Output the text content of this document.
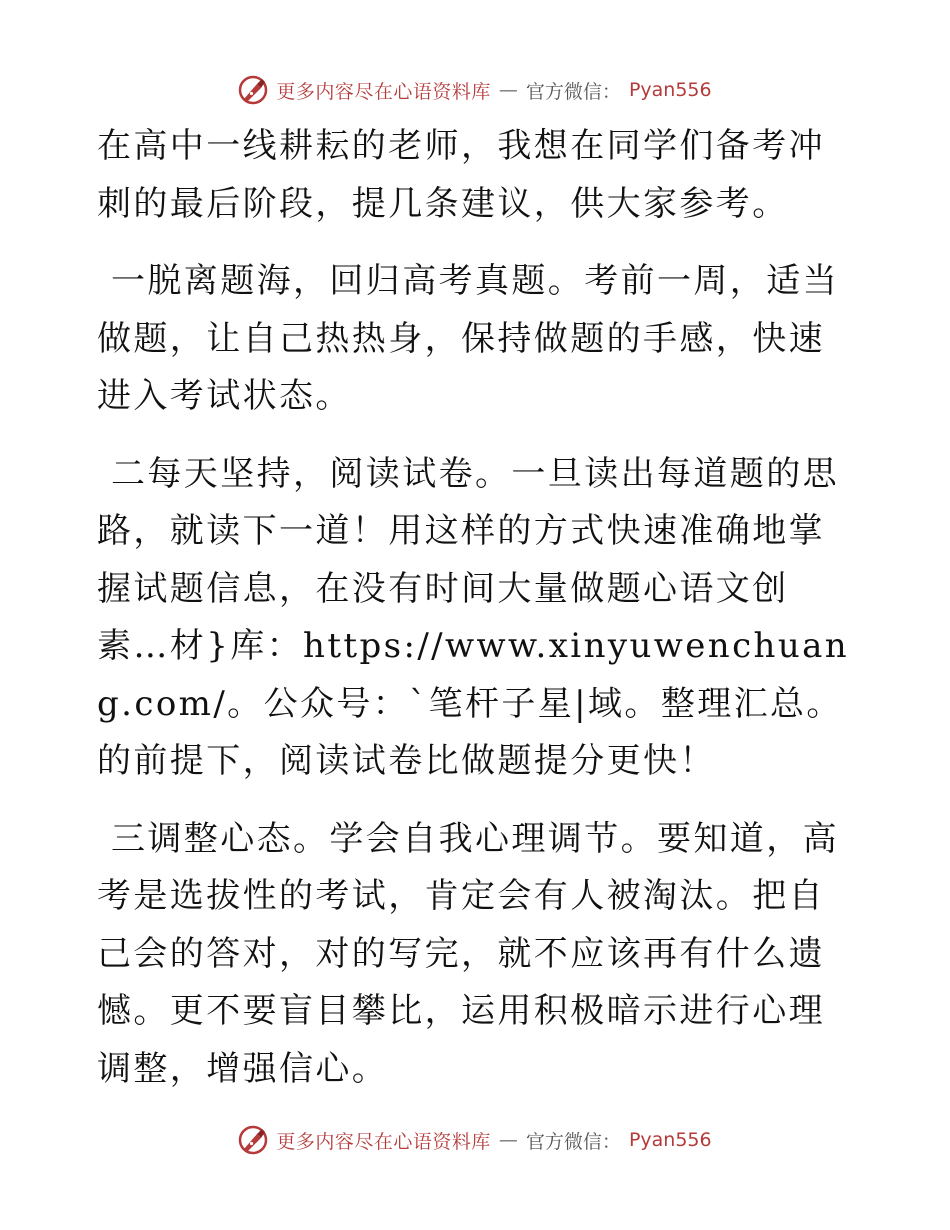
更多内容尽在心语资料库 — 官方微信： Pyan556

在高中一线耕耘的老师，我想在同学们备考冲刺的最后阶段，提几条建议，供大家参考。

一脱离题海，回归高考真题。考前一周，适当做题，让自己热热身，保持做题的手感，快速进入考试状态。

二每天坚持，阅读试卷。一旦读出每道题的思路，就读下一道！用这样的方式快速准确地掌握试题信息，在没有时间大量做题心语文创素…材}库：https://www.xinyuwenchuang.com/。公众号：`笔杆子星|域。整理汇总。的前提下，阅读试卷比做题提分更快！

三调整心态。学会自我心理调节。要知道，高考是选拔性的考试，肯定会有人被淘汰。把自己会的答对，对的写完，就不应该再有什么遗憾。更不要盲目攀比，运用积极暗示进行心理调整，增强信心。

更多内容尽在心语资料库 — 官方微信： Pyan556
